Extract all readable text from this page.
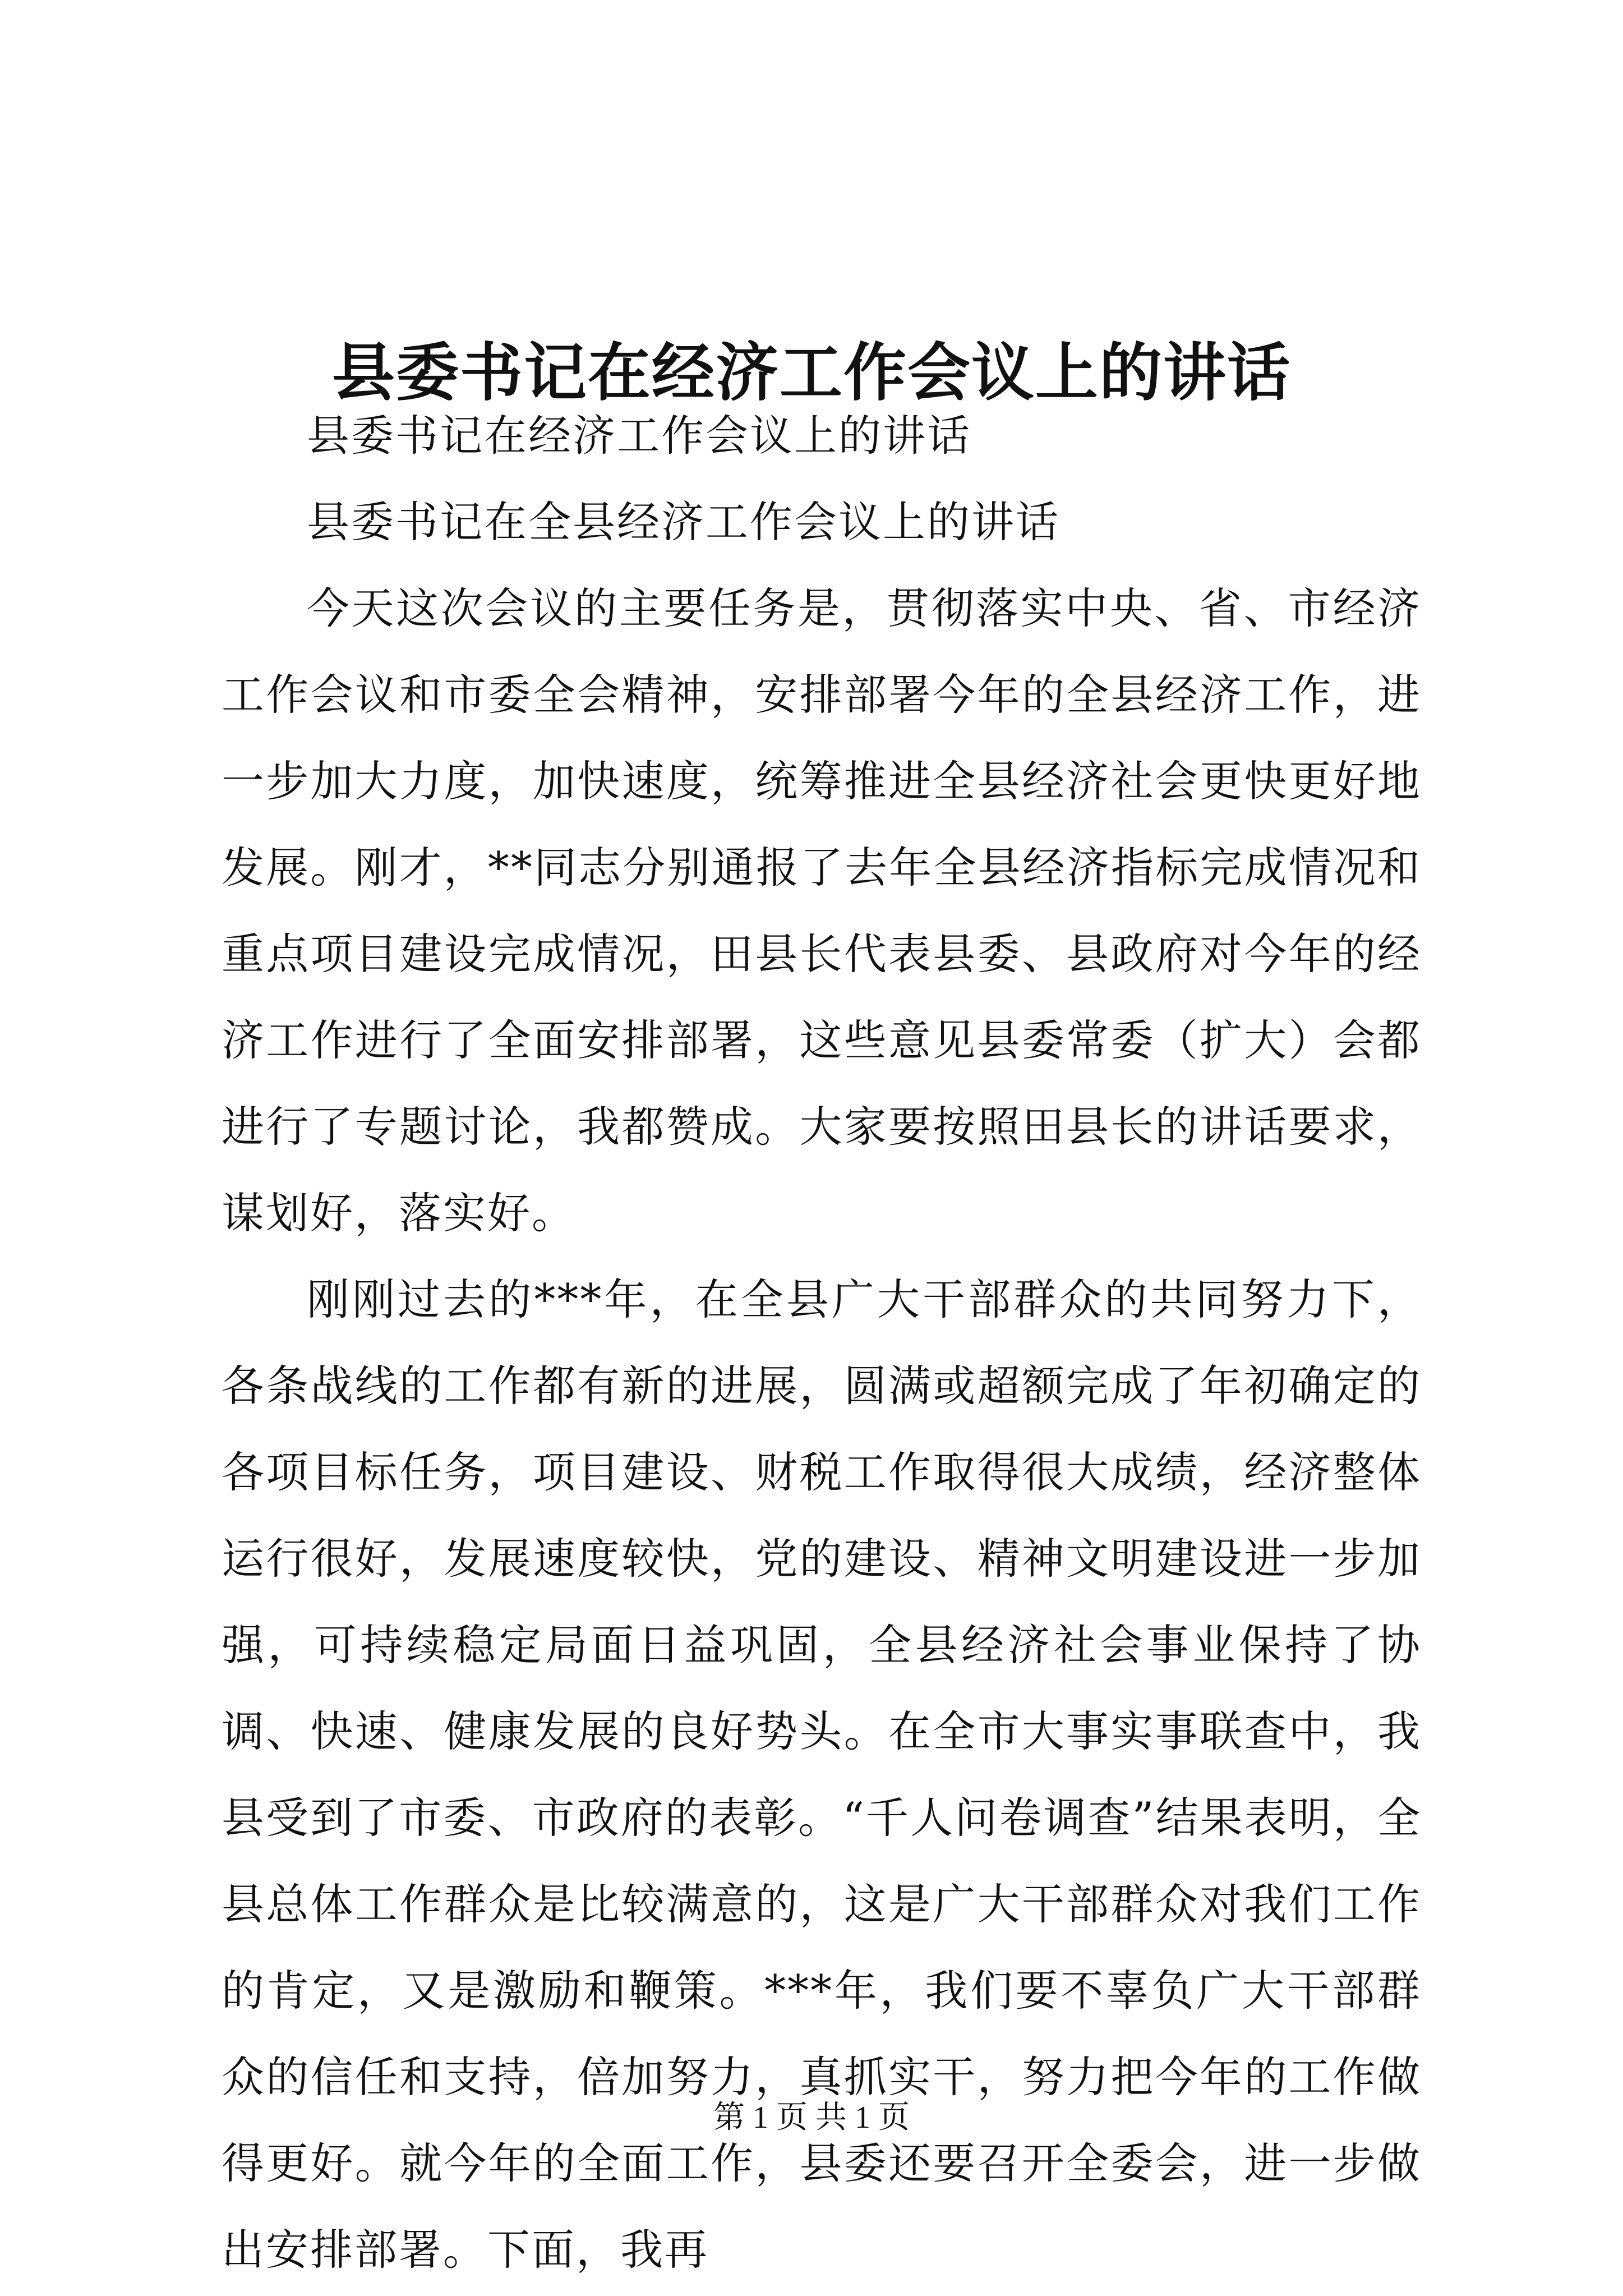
县委书记在经济工作会议上的讲话

县委书记在经济工作会议上的讲话

县委书记在全县经济工作会议上的讲话

今天这次会议的主要任务是，贯彻落实中央、省、市经济工作会议和市委全会精神，安排部署今年的全县经济工作，进一步加大力度，加快速度，统筹推进全县经济社会更快更好地发展。刚才，**同志分别通报了去年全县经济指标完成情况和重点项目建设完成情况，田县长代表县委、县政府对今年的经济工作进行了全面安排部署，这些意见县委常委（扩大）会都进行了专题讨论，我都赞成。大家要按照田县长的讲话要求，谋划好，落实好。

刚刚过去的***年，在全县广大干部群众的共同努力下，各条战线的工作都有新的进展，圆满或超额完成了年初确定的各项目标任务，项目建设、财税工作取得很大成绩，经济整体运行很好，发展速度较快，党的建设、精神文明建设进一步加强，可持续稳定局面日益巩固，全县经济社会事业保持了协调、快速、健康发展的良好势头。在全市大事实事联查中，我县受到了市委、市政府的表彰。“千人问卷调查”结果表明，全县总体工作群众是比较满意的，这是广大干部群众对我们工作的肯定，又是激励和鞭策。***年，我们要不辜负广大干部群众的信任和支持，倍加努力，真抓实干，努力把今年的工作做得更好。就今年的全面工作，县委还要召开全委会，进一步做出安排部署。下面，我再

第 1 页 共 1 页
